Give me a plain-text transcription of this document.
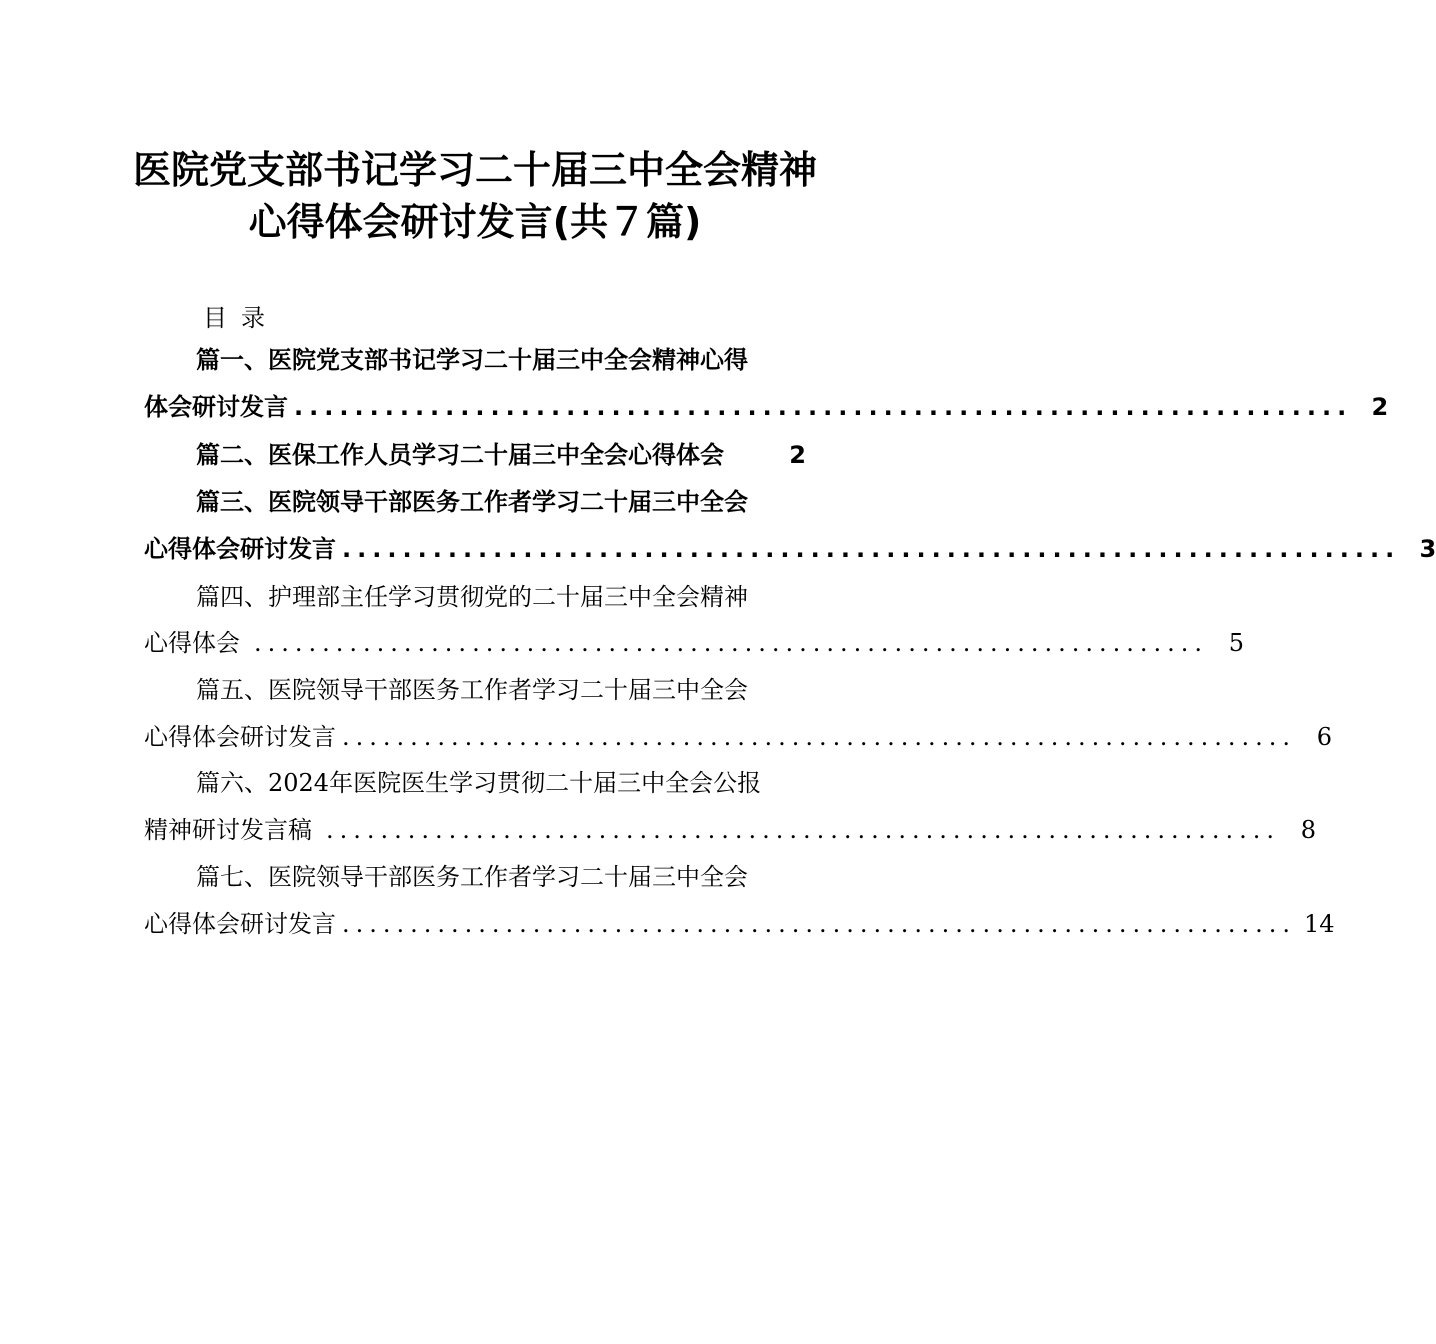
医院党支部书记学习二十届三中全会精神
心得体会研讨发言(共７篇)
目录
篇一、医院党支部书记学习二十届三中全会精神心得
体会研讨发言 ...................................................................... 2
篇二、医保工作人员学习二十届三中全会心得体会	2
篇三、医院领导干部医务工作者学习二十届三中全会
心得体会研讨发言 ...................................................................... 3
篇四、护理部主任学习贯彻党的二十届三中全会精神
心得体会 ...................................................................... 5
篇五、医院领导干部医务工作者学习二十届三中全会
心得体会研讨发言 ...................................................................... 6
篇六、2024年医院医生学习贯彻二十届三中全会公报
精神研讨发言稿 ...................................................................... 8
篇七、医院领导干部医务工作者学习二十届三中全会
心得体会研讨发言 ...................................................................... 14
